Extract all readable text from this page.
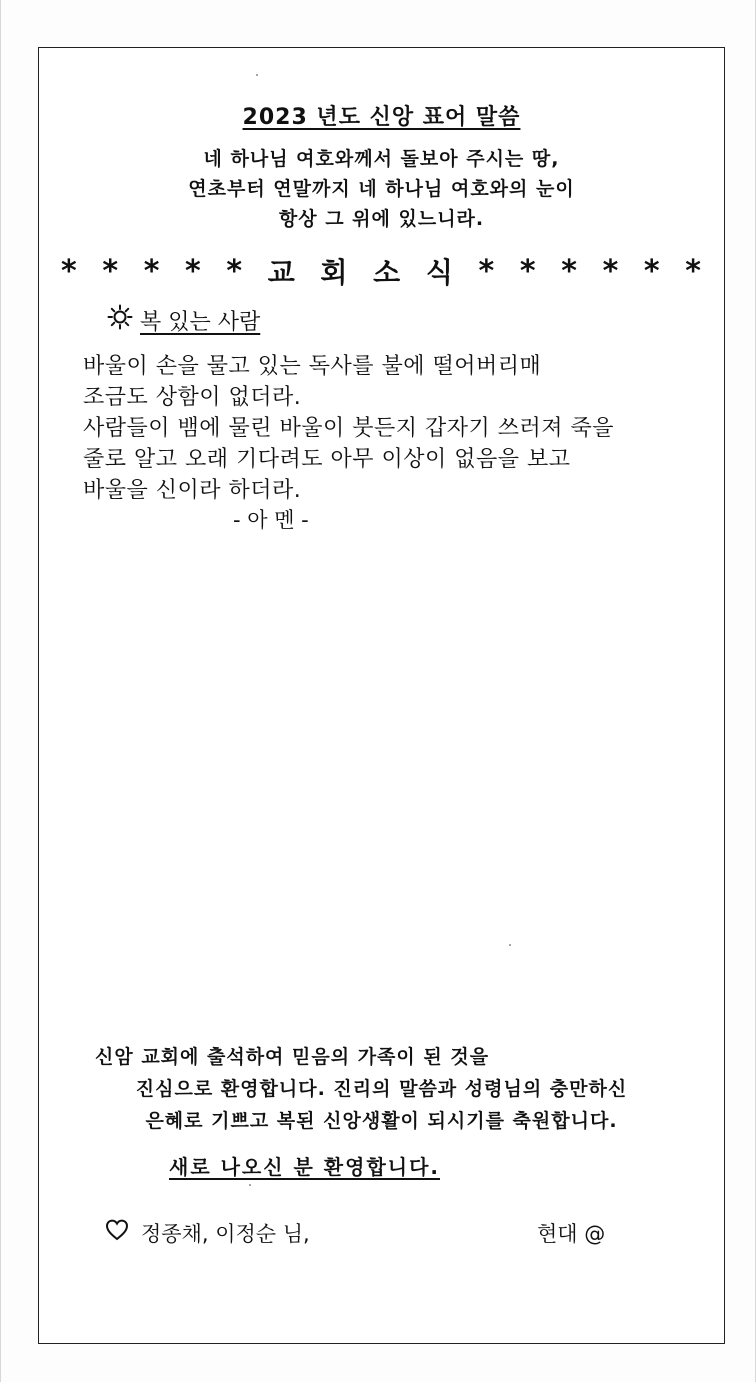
2023 년도 신앙 표어 말씀
네 하나님 여호와께서 돌보아 주시는 땅,
연초부터 연말까지 네 하나님 여호와의 눈이
항상 그 위에 있느니라.
* * * * * 교 회 소 식 * * * * * *
복 있는 사람
바울이 손을 물고 있는 독사를 불에 떨어버리매
조금도 상함이 없더라.
사람들이 뱀에 물린 바울이 붓든지 갑자기 쓰러져 죽을
줄로 알고 오래 기다려도 아무 이상이 없음을 보고
바울을 신이라 하더라.
- 아 멘 -
신암 교회에 출석하여 믿음의 가족이 된 것을
진심으로 환영합니다. 진리의 말씀과 성령님의 충만하신
은혜로 기쁘고 복된 신앙생활이 되시기를 축원합니다.
새로 나오신 분 환영합니다.
정종채, 이정순 님,	현대 @
